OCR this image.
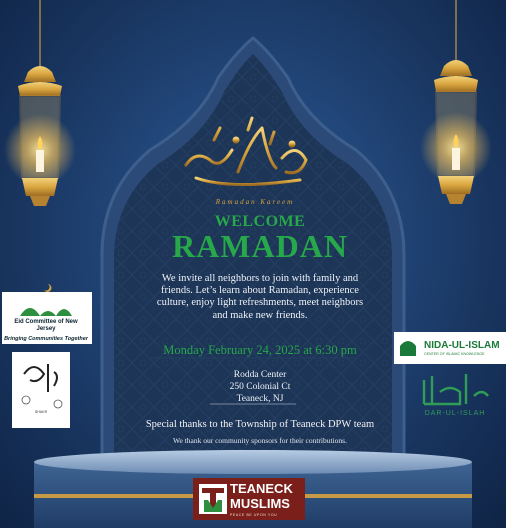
Ramadan Kareem
WELCOME
RAMADAN
We invite all neighbors to join with family and friends. Let’s learn about Ramadan, experience culture, enjoy light refreshments, meet neighbors and make new friends.
Monday February 24, 2025 at 6:30 pm
Rodda Center
250 Colonial Ct
Teaneck, NJ
Special thanks to the Township of Teaneck DPW team
We thank our community sponsors for their contributions.
Eid Committee of New Jersey
Bringing Communities Together
SHUKR
NIDA-UL-ISLAM
CENTER OF ISLAMIC KNOWLEDGE
DAR-UL-ISLAH
TEANECK MUSLIMS
PEACE BE UPON YOU
